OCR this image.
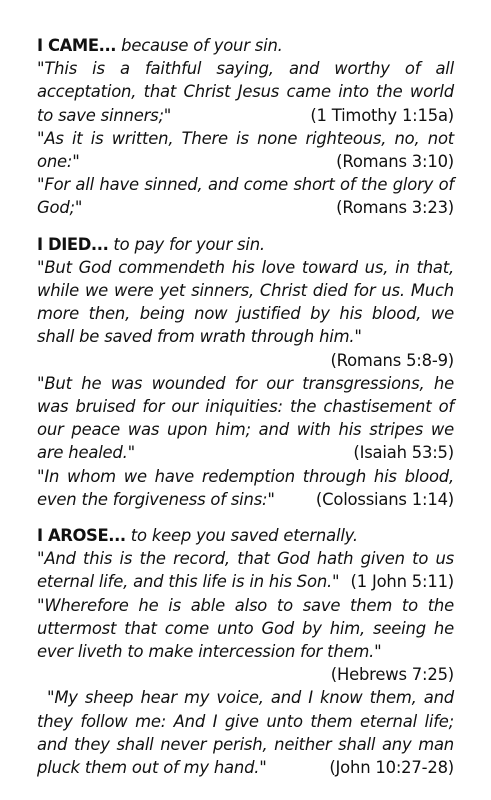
I CAME... because of your sin.

"This is a faithful saying, and worthy of all acceptation, that Christ Jesus came into the world to save sinners;"	(1 Timothy 1:15a)

"As it is written, There is none righteous, no, not one:"	(Romans 3:10)

"For all have sinned, and come short of the glory of God;"	(Romans 3:23)

I DIED... to pay for your sin.

"But God commendeth his love toward us, in that, while we were yet sinners, Christ died for us. Much more then, being now justified by his blood, we shall be saved from wrath through him."
(Romans 5:8-9)

"But he was wounded for our transgressions, he was bruised for our iniquities: the chastisement of our peace was upon him; and with his stripes we are healed."	(Isaiah 53:5)

"In whom we have redemption through his blood, even the forgiveness of sins:"	(Colossians 1:14)

I AROSE... to keep you saved eternally.

"And this is the record, that God hath given to us eternal life, and this life is in his Son." (1 John 5:11)

"Wherefore he is able also to save them to the uttermost that come unto God by him, seeing he ever liveth to make intercession for them."
(Hebrews 7:25)

"My sheep hear my voice, and I know them, and they follow me: And I give unto them eternal life; and they shall never perish, neither shall any man pluck them out of my hand."	(John 10:27-28)
